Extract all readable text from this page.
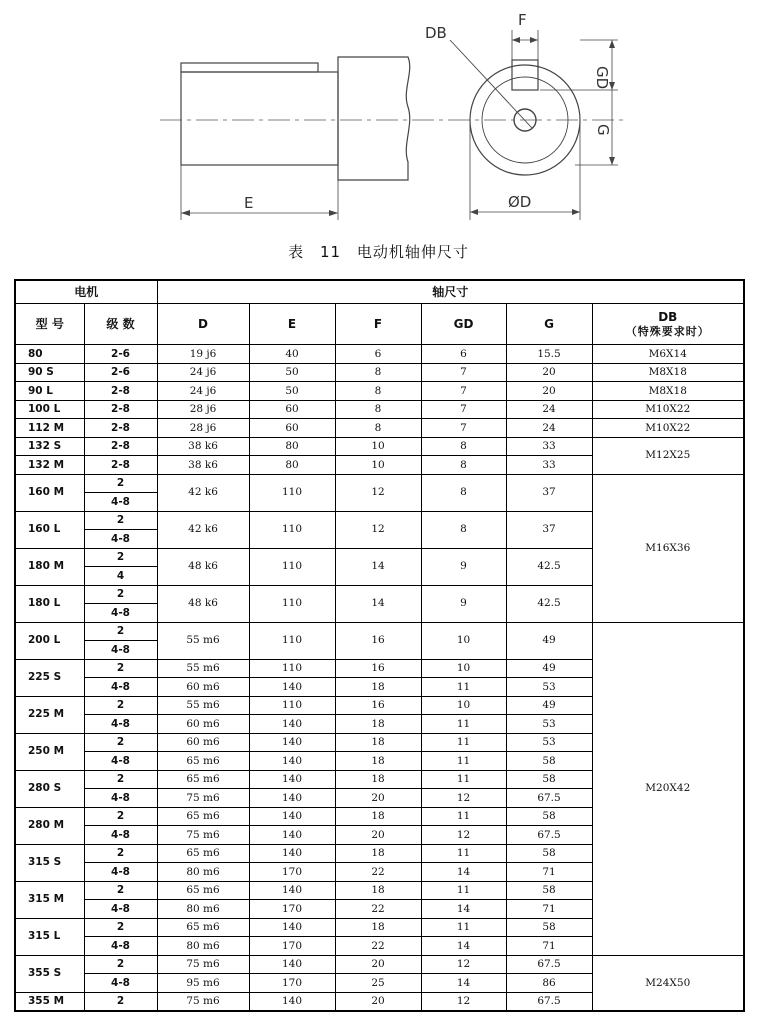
DB
F
GD
G
E	ØD
表 11 电动机轴伸尺寸
电机		轴尺寸					
型 号	级 数	D	E	F	GD	G	DB
（特殊要求时）

80	2-6	19 j6	40	6	6	15.5	M6X14
90 S	2-6	24 j6	50	8	7	20	M8X18
90 L	2-8	24 j6	50	8	7	20	M8X18
100 L	2-8	28 j6	60	8	7	24	M10X22
112 M	2-8	28 j6	60	8	7	24	M10X22
132 S	2-8	38 k6	80	10	8	33	M12X25
132 M	2-8	38 k6	80	10	8	33	
160 M	2	42 k6	110	12	8	37	M16X36
	4-8						
160 L	2	42 k6	110	12	8	37	
	4-8						
180 M	2	48 k6	110	14	9	42.5	
	4						
180 L	2	48 k6	110	14	9	42.5	
	4-8						
200 L	2	55 m6	110	16	10	49	M20X42
	4-8						
225 S	2	55 m6	110	16	10	49	
	4-8	60 m6	140	18	11	53	
225 M	2	55 m6	110	16	10	49	
	4-8	60 m6	140	18	11	53	
250 M	2	60 m6	140	18	11	53	
	4-8	65 m6	140	18	11	58	
280 S	2	65 m6	140	18	11	58	
	4-8	75 m6	140	20	12	67.5	
280 M	2	65 m6	140	18	11	58	
	4-8	75 m6	140	20	12	67.5	
315 S	2	65 m6	140	18	11	58	
	4-8	80 m6	170	22	14	71	
315 M	2	65 m6	140	18	11	58	
	4-8	80 m6	170	22	14	71	
315 L	2	65 m6	140	18	11	58	
	4-8	80 m6	170	22	14	71	
355 S	2	75 m6	140	20	12	67.5	M24X50
	4-8	95 m6	170	25	14	86	
355 M	2	75 m6	140	20	12	67.5	
